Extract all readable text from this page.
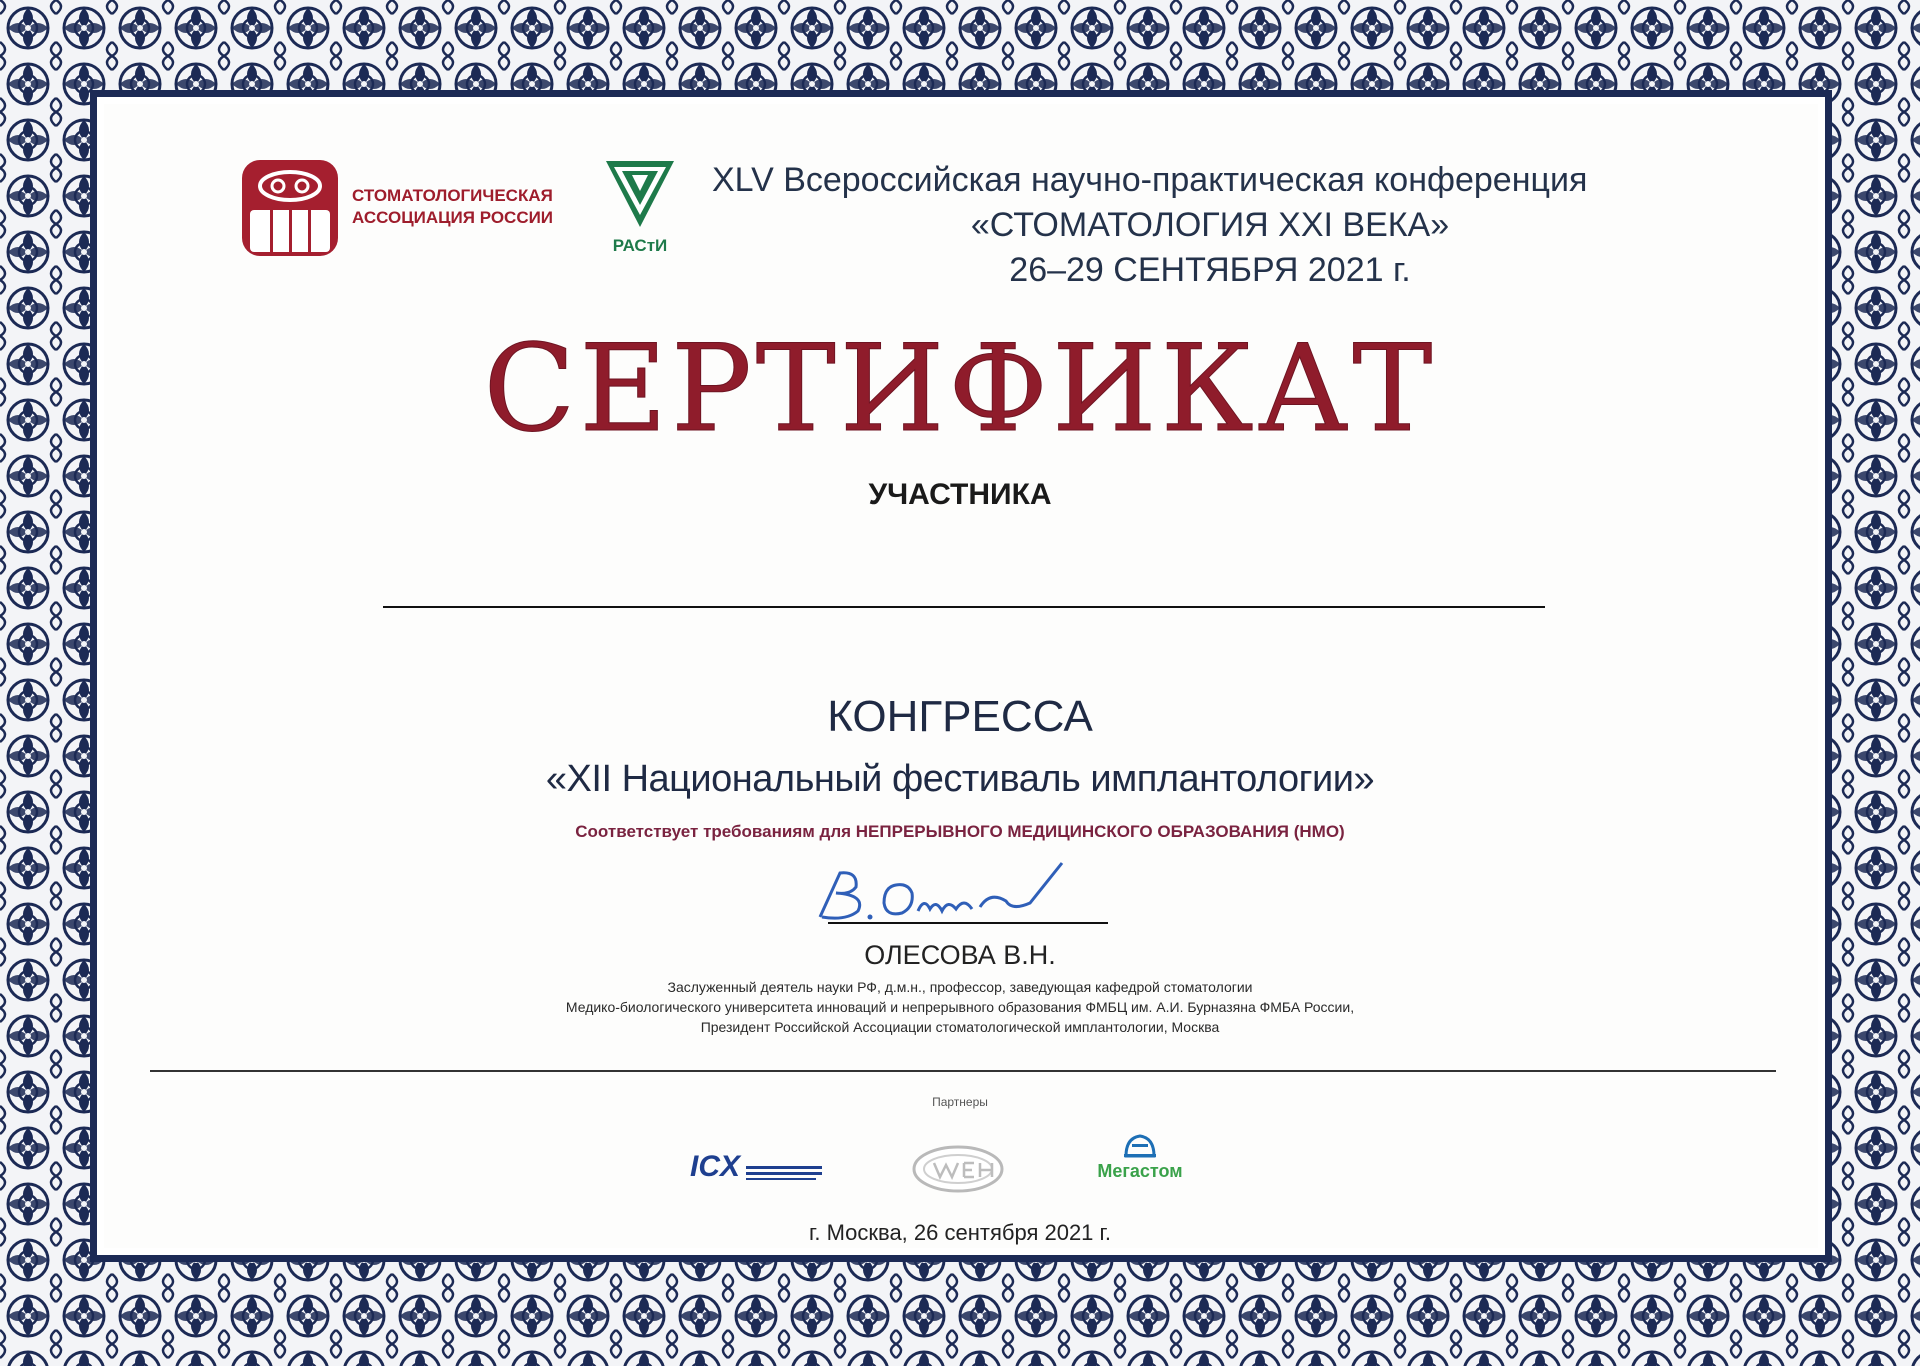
СТОМАТОЛОГИЧЕСКАЯ
АССОЦИАЦИЯ РОССИИ
РАСтИ
XLV Всероссийская научно-практическая конференция
«СТОМАТОЛОГИЯ XXI ВЕКА»
26–29 СЕНТЯБРЯ 2021 г.
СЕРТИФИКАТ
УЧАСТНИКА
КОНГРЕССА
«XII Национальный фестиваль имплантологии»
Соответствует требованиям для НЕПРЕРЫВНОГО МЕДИЦИНСКОГО ОБРАЗОВАНИЯ (НМО)
ОЛЕСОВА В.Н.
Заслуженный деятель науки РФ, д.м.н., профессор, заведующая кафедрой стоматологии
Медико-биологического университета инноваций и непрерывного образования ФМБЦ им. А.И. Бурназяна ФМБА России,
Президент Российской Ассоциации стоматологической имплантологии, Москва
Партнеры
ICX	Мегастом
г. Москва, 26 сентября 2021 г.
